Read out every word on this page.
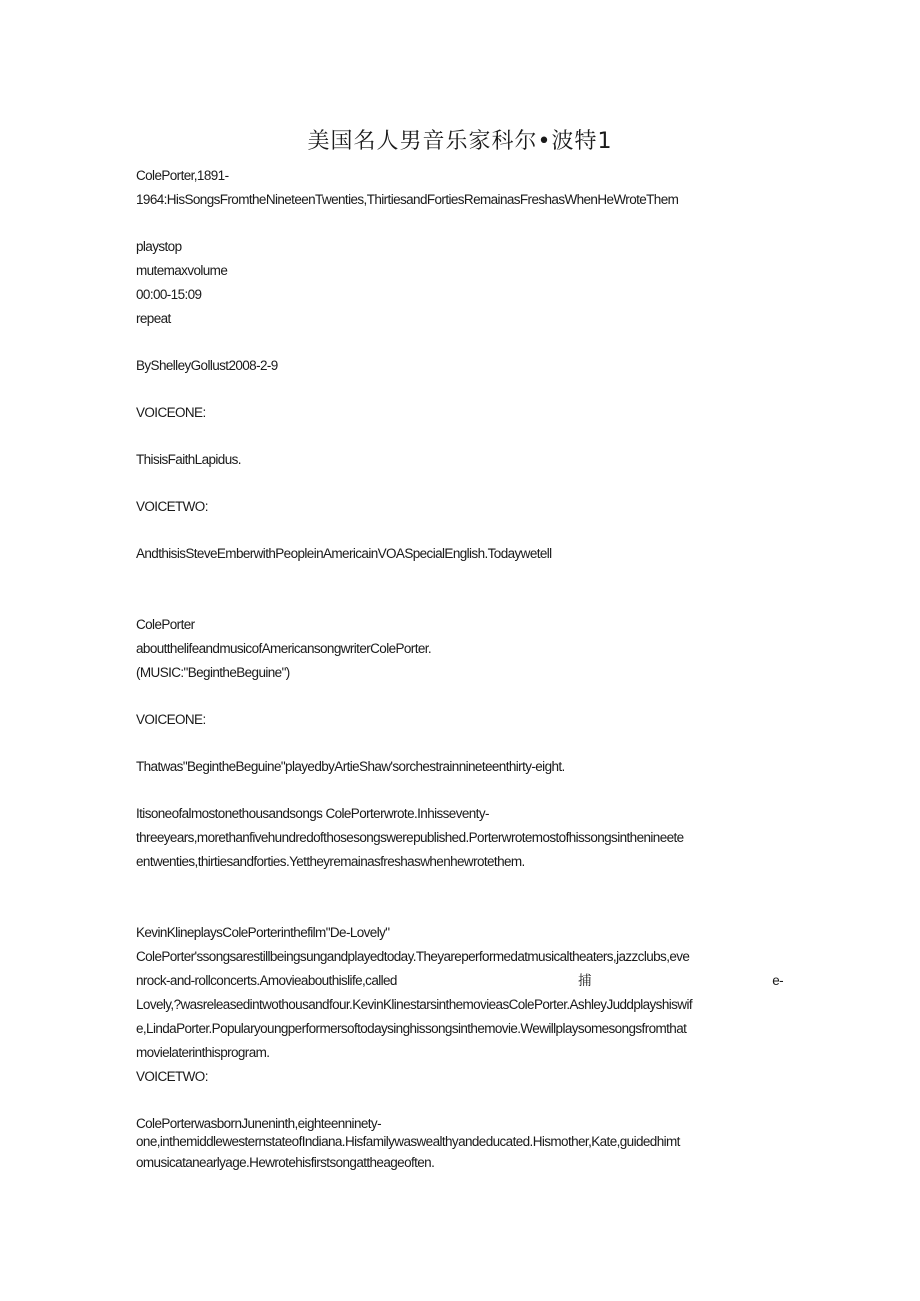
美国名人男音乐家科尔•波特1
ColePorter,1891-
1964:HisSongsFromtheNineteenTwenties,ThirtiesandFortiesRemainasFreshasWhenHeWroteThem
playstop
mutemaxvolume
00:00-15:09
repeat
ByShelleyGollust2008-2-9
VOICEONE:
ThisisFaithLapidus.
VOICETWO:
AndthisisSteveEmberwithPeopleinAmericainVOASpecialEnglish.Todaywetell
ColePorter
aboutthelifeandmusicofAmericansongwriterColePorter.
(MUSIC:"BegintheBeguine")
VOICEONE:
Thatwas"BegintheBeguine"playedbyArtieShaw'sorchestrainnineteenthirty-eight.
Itisoneofalmostonethousandsongs ColePorterwrote.Inhisseventy-
threeyears,morethanfivehundredofthosesongswerepublished.Porterwrotemostofhissongsinthenineete
entwenties,thirtiesandforties.Yettheyremainasfreshaswhenhewrotethem.
KevinKlineplaysColePorterinthefilm"De-Lovely"
ColePorter'ssongsarestillbeingsungandplayedtoday.Theyareperformedatmusicaltheaters,jazzclubs,eve
nrock-and-rollconcerts.Amovieabouthislife,called	捕	e-
Lovely,?wasreleasedintwothousandfour.KevinKlinestarsinthemovieasColePorter.AshleyJuddplayshiswif
e,LindaPorter.Popularyoungperformersoftodaysinghissongsinthemovie.Wewillplaysomesongsfromthat
movielaterinthisprogram.
VOICETWO:
ColePorterwasbornJuneninth,eighteenninety-
one,inthemiddlewesternstateofIndiana.Hisfamilywaswealthyandeducated.Hismother,Kate,guidedhimt
omusicatanearlyage.Hewrotehisfirstsongattheageoften.
